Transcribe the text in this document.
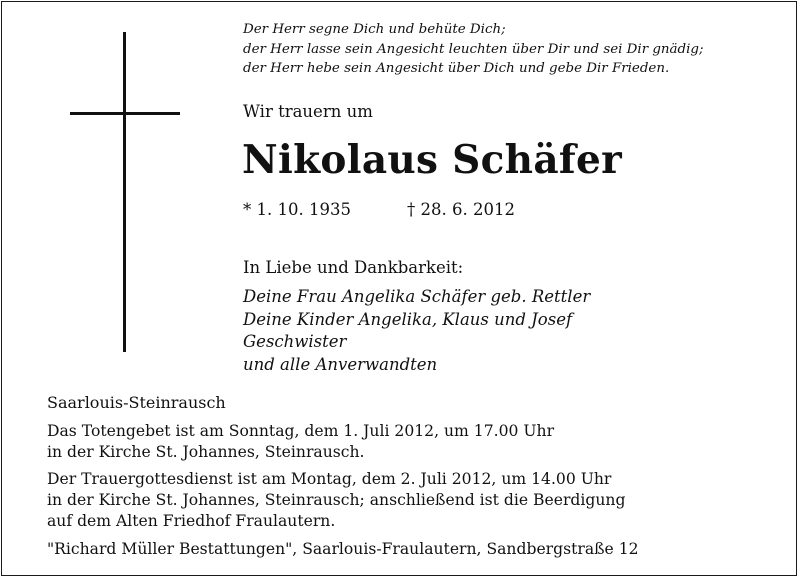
Der Herr segne Dich und behüte Dich;
der Herr lasse sein Angesicht leuchten über Dir und sei Dir gnädig;
der Herr hebe sein Angesicht über Dich und gebe Dir Frieden.
Wir trauern um
Nikolaus Schäfer
* 1. 10. 1935	† 28. 6. 2012
In Liebe und Dankbarkeit:
Deine Frau Angelika Schäfer geb. Rettler
Deine Kinder Angelika, Klaus und Josef
Geschwister
und alle Anverwandten
Saarlouis-Steinrausch
Das Totengebet ist am Sonntag, dem 1. Juli 2012, um 17.00 Uhr
in der Kirche St. Johannes, Steinrausch.
Der Trauergottesdienst ist am Montag, dem 2. Juli 2012, um 14.00 Uhr
in der Kirche St. Johannes, Steinrausch; anschließend ist die Beerdigung
auf dem Alten Friedhof Fraulautern.
"Richard Müller Bestattungen", Saarlouis-Fraulautern, Sandbergstraße 12
